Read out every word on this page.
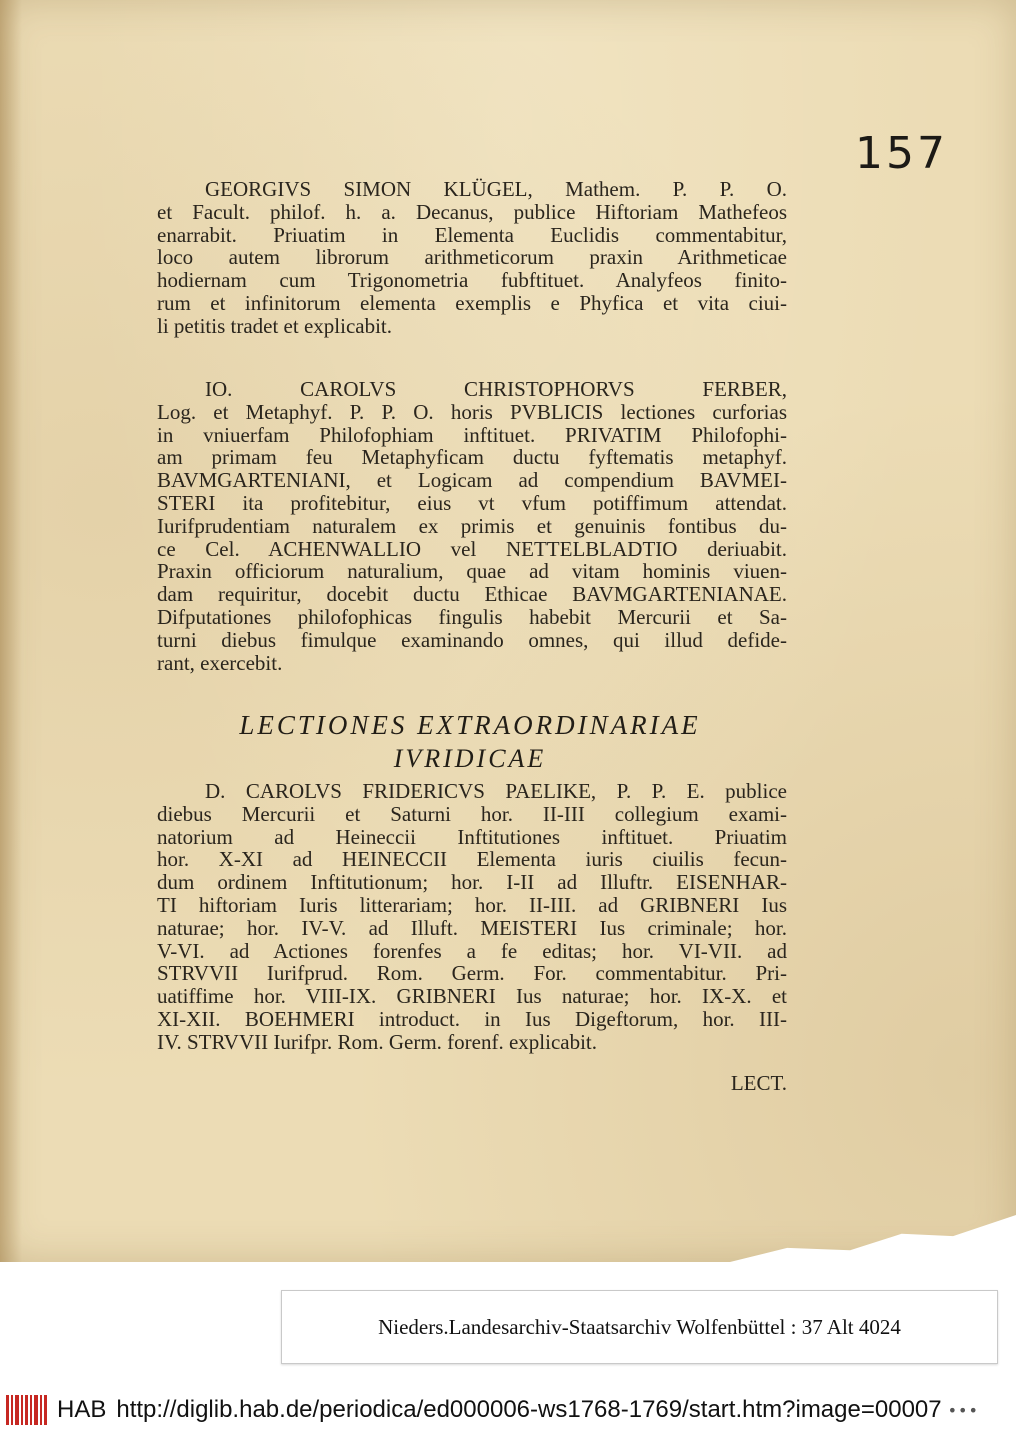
157
GEORGIVS SIMON KLÜGEL, Mathem. P. P. O.
et Facult. philof. h. a. Decanus, publice Hiftoriam Mathefeos
enarrabit. Priuatim in Elementa Euclidis commentabitur,
loco autem librorum arithmeticorum praxin Arithmeticae
hodiernam cum Trigonometria fubftituet. Analyfeos finito-
rum et infinitorum elementa exemplis e Phyfica et vita ciui-
li petitis tradet et explicabit.
IO. CAROLVS CHRISTOPHORVS FERBER,
Log. et Metaphyf. P. P. O. horis PVBLICIS lectiones curforias
in vniuerfam Philofophiam inftituet. PRIVATIM Philofophi-
am primam feu Metaphyficam ductu fyftematis metaphyf.
BAVMGARTENIANI, et Logicam ad compendium BAVMEI-
STERI ita profitebitur, eius vt vfum potiffimum attendat.
Iurifprudentiam naturalem ex primis et genuinis fontibus du-
ce Cel. ACHENWALLIO vel NETTELBLADTIO deriuabit.
Praxin officiorum naturalium, quae ad vitam hominis viuen-
dam requiritur, docebit ductu Ethicae BAVMGARTENIANAE.
Difputationes philofophicas fingulis habebit Mercurii et Sa-
turni diebus fimulque examinando omnes, qui illud defide-
rant, exercebit.
LECTIONES EXTRAORDINARIAE
IVRIDICAE
D. CAROLVS FRIDERICVS PAELIKE, P. P. E. publice
diebus Mercurii et Saturni hor. II-III collegium exami-
natorium ad Heineccii Inftitutiones inftituet. Priuatim
hor. X-XI ad HEINECCII Elementa iuris ciuilis fecun-
dum ordinem Inftitutionum; hor. I-II ad Illuftr. EISENHAR-
TI hiftoriam Iuris litterariam; hor. II-III. ad GRIBNERI Ius
naturae; hor. IV-V. ad Illuft. MEISTERI Ius criminale; hor.
V-VI. ad Actiones forenfes a fe editas; hor. VI-VII. ad
STRVVII Iurifprud. Rom. Germ. For. commentabitur. Pri-
uatiffime hor. VIII-IX. GRIBNERI Ius naturae; hor. IX-X. et
XI-XII. BOEHMERI introduct. in Ius Digeftorum, hor. III-
IV. STRVVII Iurifpr. Rom. Germ. forenf. explicabit.
LECT.
Nieders.Landesarchiv-Staatsarchiv Wolfenbüttel : 37 Alt 4024
HAB http://diglib.hab.de/periodica/ed000006-ws1768-1769/start.htm?image=00007 •••
